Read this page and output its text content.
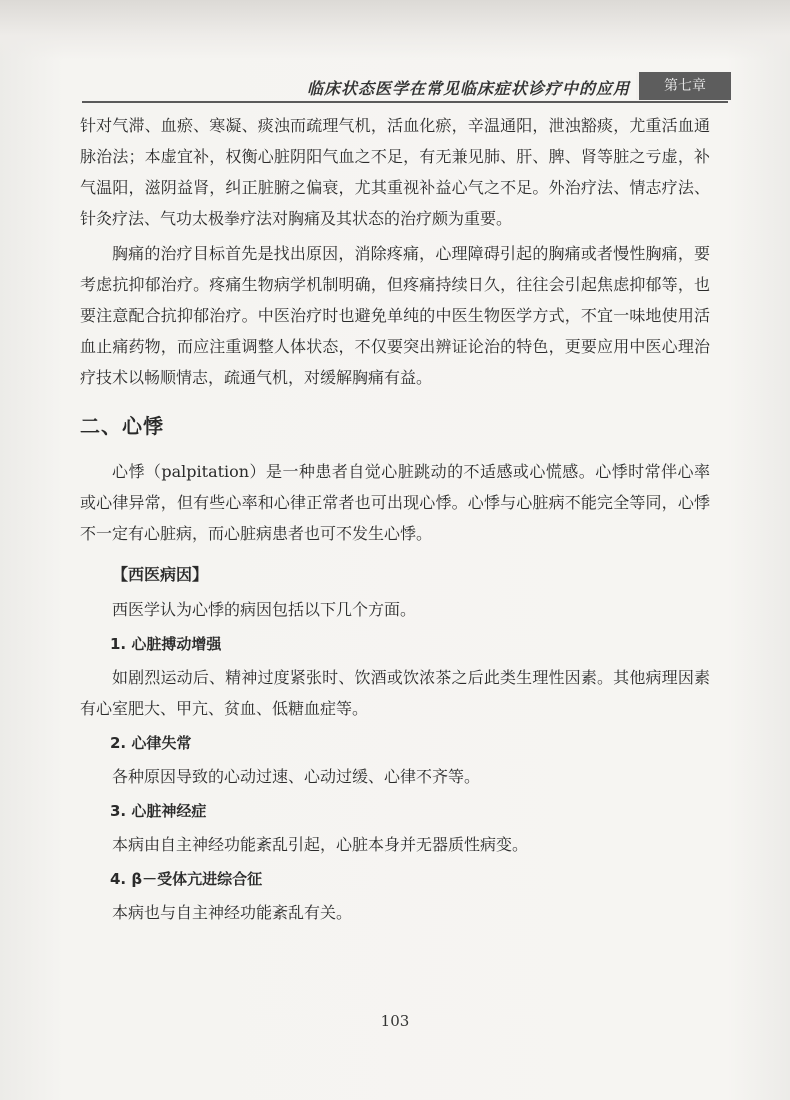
临床状态医学在常见临床症状诊疗中的应用	第七章

针对气滞、血瘀、寒凝、痰浊而疏理气机，活血化瘀，辛温通阳，泄浊豁痰，尤重活血通脉治法；本虚宜补，权衡心脏阴阳气血之不足，有无兼见肺、肝、脾、肾等脏之亏虚，补气温阳，滋阴益肾，纠正脏腑之偏衰，尤其重视补益心气之不足。外治疗法、情志疗法、针灸疗法、气功太极拳疗法对胸痛及其状态的治疗颇为重要。

胸痛的治疗目标首先是找出原因，消除疼痛，心理障碍引起的胸痛或者慢性胸痛，要考虑抗抑郁治疗。疼痛生物病学机制明确，但疼痛持续日久，往往会引起焦虑抑郁等，也要注意配合抗抑郁治疗。中医治疗时也避免单纯的中医生物医学方式，不宜一味地使用活血止痛药物，而应注重调整人体状态，不仅要突出辨证论治的特色，更要应用中医心理治疗技术以畅顺情志，疏通气机，对缓解胸痛有益。

二、心悸

心悸（palpitation）是一种患者自觉心脏跳动的不适感或心慌感。心悸时常伴心率或心律异常，但有些心率和心律正常者也可出现心悸。心悸与心脏病不能完全等同，心悸不一定有心脏病，而心脏病患者也可不发生心悸。

【西医病因】

西医学认为心悸的病因包括以下几个方面。

1. 心脏搏动增强

如剧烈运动后、精神过度紧张时、饮酒或饮浓茶之后此类生理性因素。其他病理因素有心室肥大、甲亢、贫血、低糖血症等。

2. 心律失常

各种原因导致的心动过速、心动过缓、心律不齐等。

3. 心脏神经症

本病由自主神经功能紊乱引起，心脏本身并无器质性病变。

4. β－受体亢进综合征

本病也与自主神经功能紊乱有关。

103
